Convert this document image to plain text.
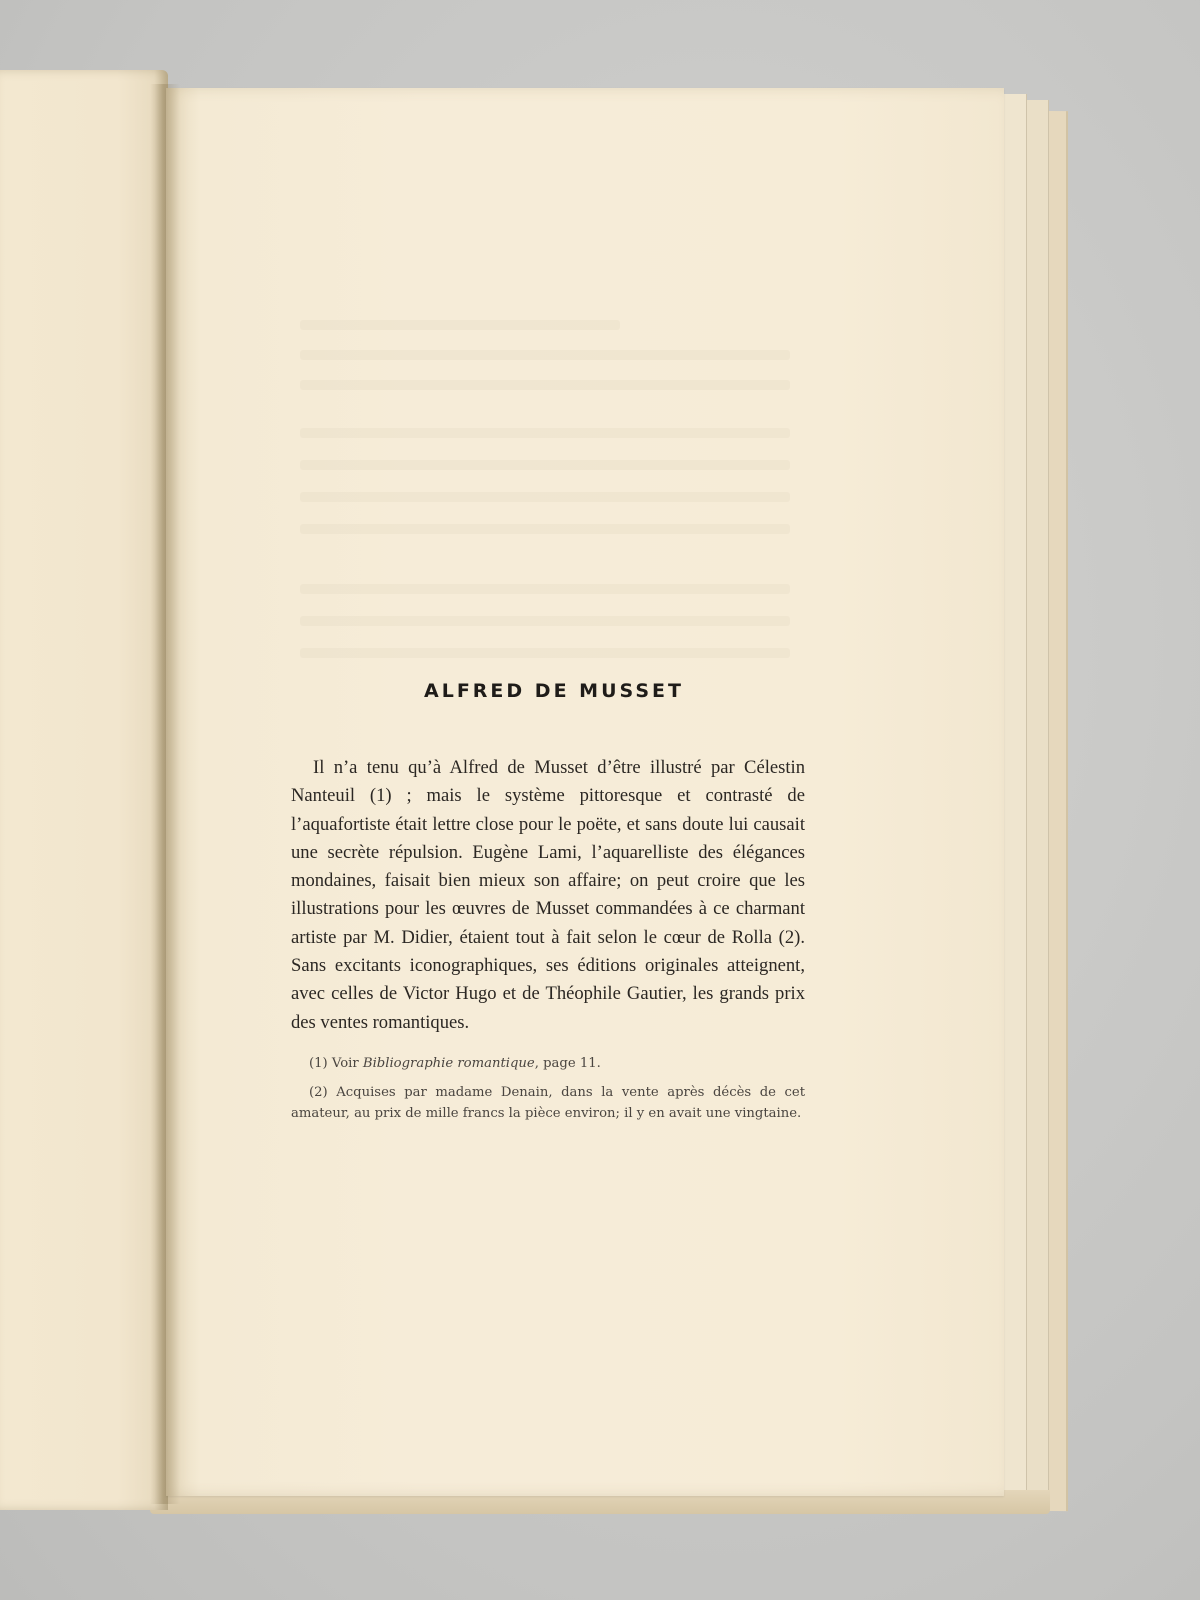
ALFRED DE MUSSET

Il n’a tenu qu’à Alfred de Musset d’être illustré par Célestin Nanteuil (1) ; mais le système pittoresque et contrasté de l’aquafortiste était lettre close pour le poëte, et sans doute lui causait une secrète répulsion. Eugène Lami, l’aquarelliste des élégances mondaines, faisait bien mieux son affaire; on peut croire que les illustrations pour les œuvres de Musset commandées à ce charmant artiste par M. Didier, étaient tout à fait selon le cœur de Rolla (2). Sans excitants iconographiques, ses éditions originales atteignent, avec celles de Victor Hugo et de Théophile Gautier, les grands prix des ventes romantiques.

(1) Voir Bibliographie romantique, page 11.

(2) Acquises par madame Denain, dans la vente après décès de cet amateur, au prix de mille francs la pièce environ; il y en avait une vingtaine.
